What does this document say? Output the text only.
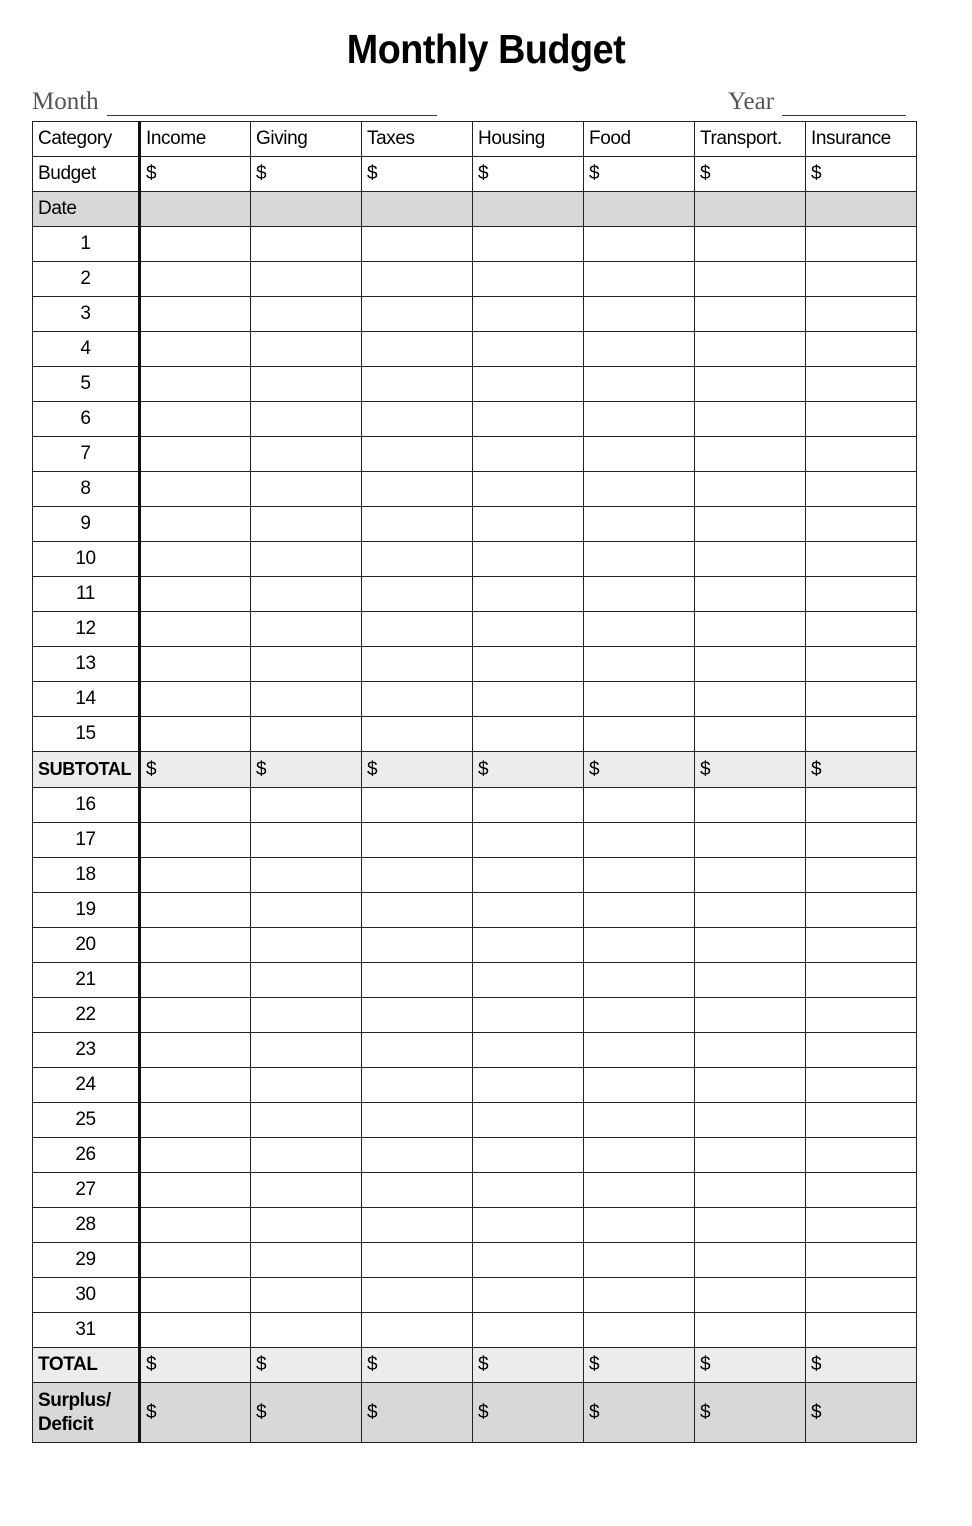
Monthly Budget
Month	Year
Category	Income	Giving	Taxes	Housing	Food	Transport.	Insurance
Budget	$	$	$	$	$	$	$
Date							
1							
2							
3							
4							
5							
6							
7							
8							
9							
10							
11							
12							
13							
14							
15							
SUBTOTAL	$	$	$	$	$	$	$
16							
17							
18							
19							
20							
21							
22							
23							
24							
25							
26							
27							
28							
29							
30							
31							
TOTAL	$	$	$	$	$	$	$
Surplus/
Deficit	$	$	$	$	$	$	$
